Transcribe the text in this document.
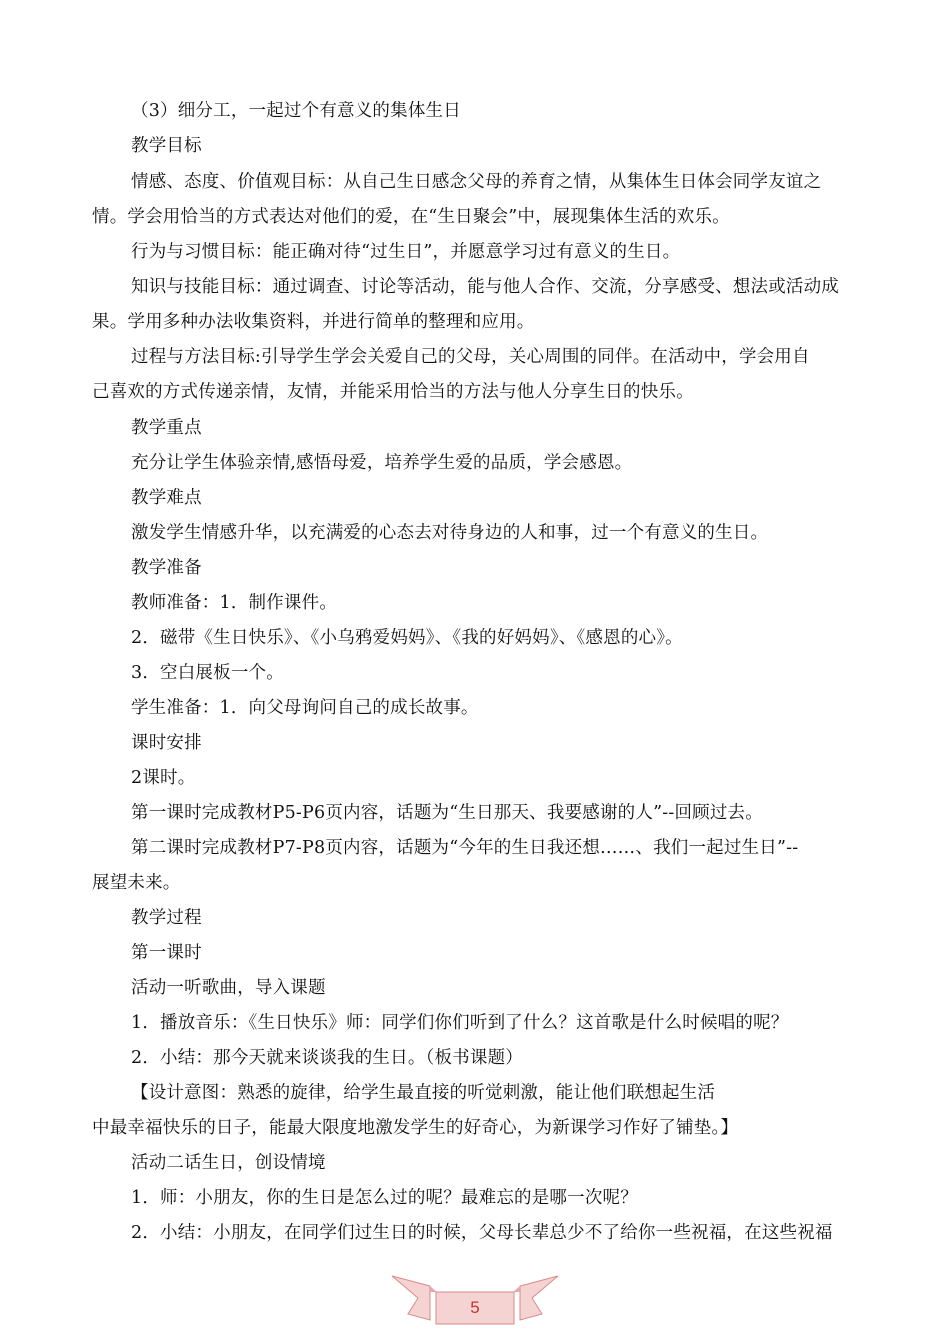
（3）细分工，一起过个有意义的集体生日
教学目标
情感、态度、价值观目标：从自己生日感念父母的养育之情，从集体生日体会同学友谊之
情。学会用恰当的方式表达对他们的爱，在“生日聚会”中，展现集体生活的欢乐。
行为与习惯目标：能正确对待“过生日”，并愿意学习过有意义的生日。
知识与技能目标：通过调查、讨论等活动，能与他人合作、交流，分享感受、想法或活动成
果。学用多种办法收集资料，并进行简单的整理和应用。
过程与方法目标:引导学生学会关爱自己的父母，关心周围的同伴。在活动中，学会用自
己喜欢的方式传递亲情，友情，并能采用恰当的方法与他人分享生日的快乐。
教学重点
充分让学生体验亲情,感悟母爱，培养学生爱的品质，学会感恩。
教学难点
激发学生情感升华，以充满爱的心态去对待身边的人和事，过一个有意义的生日。
教学准备
教师准备：1．制作课件。
2．磁带《生日快乐》、《小乌鸦爱妈妈》、《我的好妈妈》、《感恩的心》。
3．空白展板一个。
学生准备：1．向父母询问自己的成长故事。
课时安排
2课时。
第一课时完成教材P5-P6页内容，话题为“生日那天、我要感谢的人”--回顾过去。
第二课时完成教材P7-P8页内容，话题为“今年的生日我还想……、我们一起过生日”--
展望未来。
教学过程
第一课时
活动一听歌曲，导入课题
1．播放音乐：《生日快乐》师：同学们你们听到了什么？这首歌是什么时候唱的呢？
2．小结：那今天就来谈谈我的生日。（板书课题）
【设计意图：熟悉的旋律，给学生最直接的听觉刺激，能让他们联想起生活
中最幸福快乐的日子，能最大限度地激发学生的好奇心，为新课学习作好了铺垫。】
活动二话生日，创设情境
1．师：小朋友，你的生日是怎么过的呢？最难忘的是哪一次呢？
2．小结：小朋友，在同学们过生日的时候，父母长辈总少不了给你一些祝福，在这些祝福
5
